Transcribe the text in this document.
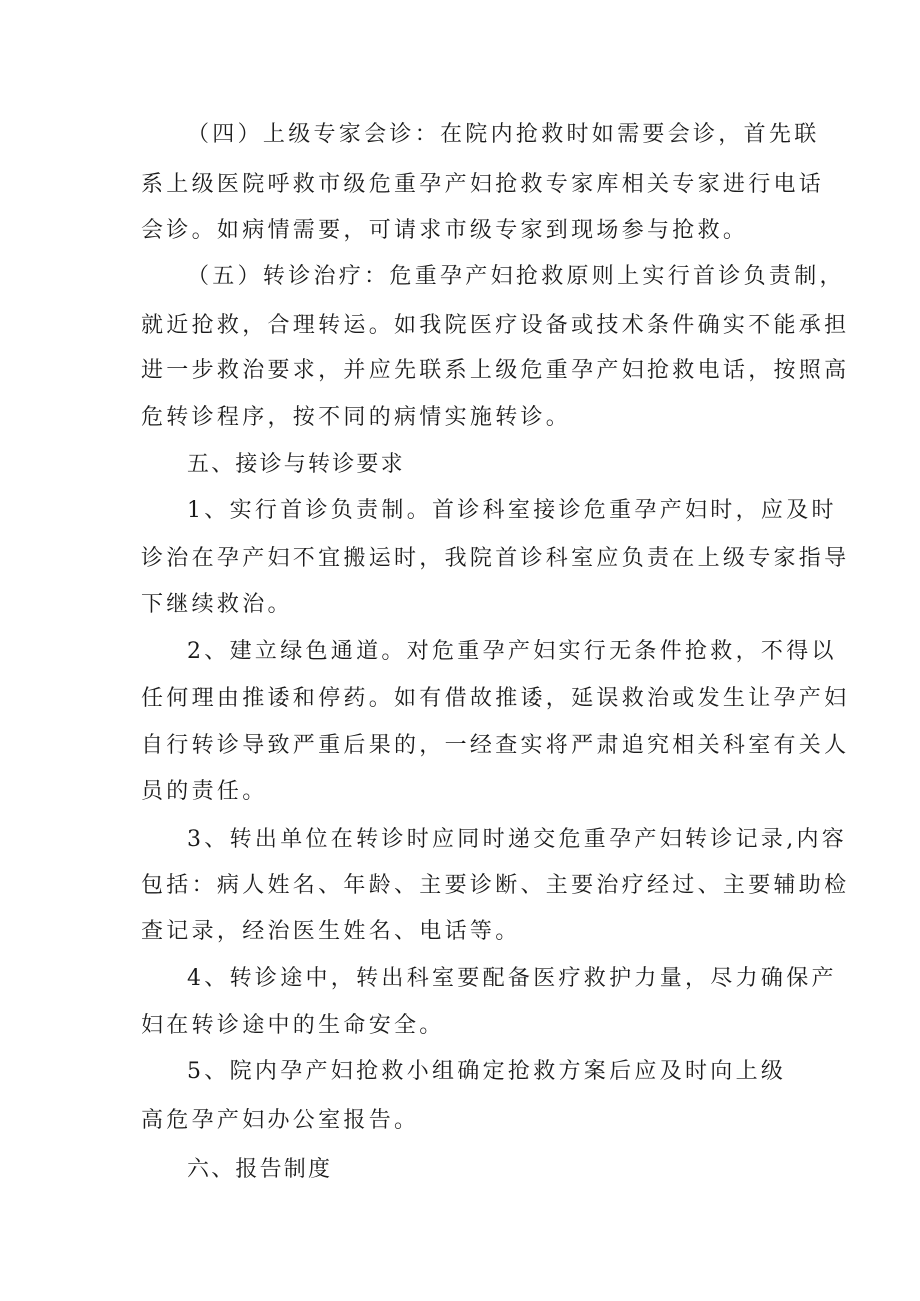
（四）上级专家会诊：在院内抢救时如需要会诊，首先联
系上级医院呼救市级危重孕产妇抢救专家库相关专家进行电话
会诊。如病情需要，可请求市级专家到现场参与抢救。
（五）转诊治疗：危重孕产妇抢救原则上实行首诊负责制，
就近抢救，合理转运。如我院医疗设备或技术条件确实不能承担
进一步救治要求，并应先联系上级危重孕产妇抢救电话，按照高
危转诊程序，按不同的病情实施转诊。
五、接诊与转诊要求
1、实行首诊负责制。首诊科室接诊危重孕产妇时，应及时
诊治在孕产妇不宜搬运时，我院首诊科室应负责在上级专家指导
下继续救治。
2、建立绿色通道。对危重孕产妇实行无条件抢救，不得以
任何理由推诿和停药。如有借故推诿，延误救治或发生让孕产妇
自行转诊导致严重后果的，一经查实将严肃追究相关科室有关人
员的责任。
3、转出单位在转诊时应同时递交危重孕产妇转诊记录,内容
包括：病人姓名、年龄、主要诊断、主要治疗经过、主要辅助检
查记录，经治医生姓名、电话等。
4、转诊途中，转出科室要配备医疗救护力量，尽力确保产
妇在转诊途中的生命安全。
5、院内孕产妇抢救小组确定抢救方案后应及时向上级
高危孕产妇办公室报告。
六、报告制度
